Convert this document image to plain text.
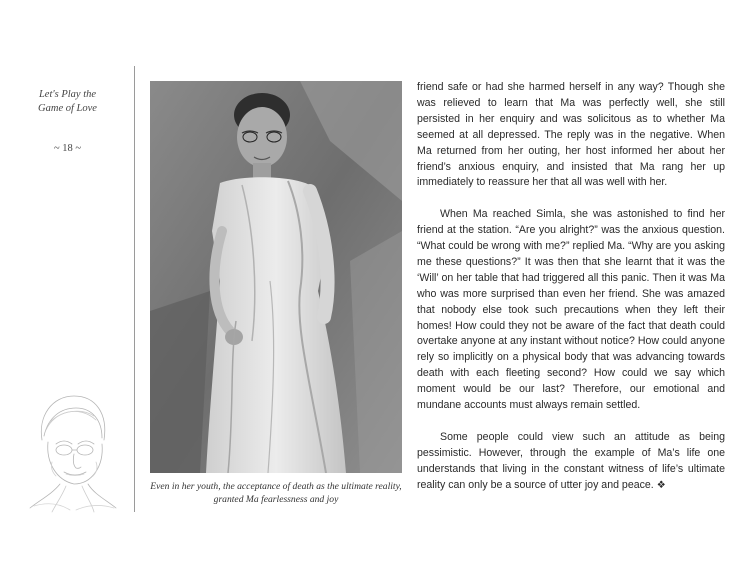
Let's Play the
Game of Love
~ 18 ~
Even in her youth, the acceptance of death as the ultimate reality,
granted Ma fearlessness and joy

friend safe or had she harmed herself in any way? Though she was relieved to learn that Ma was perfectly well, she still persisted in her enquiry and was solicitous as to whether Ma seemed at all depressed. The reply was in the negative. When Ma returned from her outing, her host informed her about her friend’s anxious enquiry, and insisted that Ma rang her up immediately to reassure her that all was well with her.

When Ma reached Simla, she was astonished to find her friend at the station. “Are you alright?” was the anxious question. “What could be wrong with me?” replied Ma. “Why are you asking me these questions?” It was then that she learnt that it was the ‘Will’ on her table that had triggered all this panic. Then it was Ma who was more surprised than even her friend. She was amazed that nobody else took such precautions when they left their homes! How could they not be aware of the fact that death could overtake anyone at any instant without notice? How could anyone rely so implicitly on a physical body that was advancing towards death with each fleeting second? How could we say which moment would be our last? Therefore, our emotional and mundane accounts must always remain settled.

Some people could view such an attitude as being pessimistic. However, through the example of Ma’s life one understands that living in the constant witness of life’s ultimate reality can only be a source of utter joy and peace. ❖
